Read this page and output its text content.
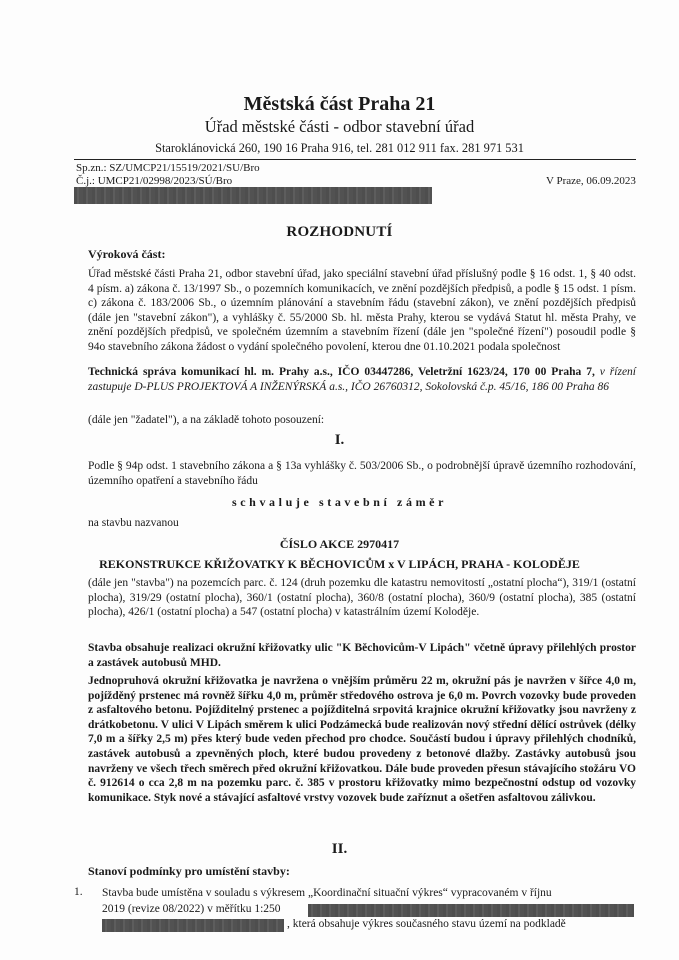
Městská část Praha 21
Úřad městské části - odbor stavební úřad
Staroklánovická 260, 190 16 Praha 916, tel. 281 012 911 fax. 281 971 531
Sp.zn.: SZ/UMCP21/15519/2021/SU/Bro
Č.j.: UMCP21/02998/2023/SÚ/Bro	V Praze, 06.09.2023
ROZHODNUTÍ
Výroková část:
Úřad městské části Praha 21, odbor stavební úřad, jako speciální stavební úřad příslušný podle § 16 odst. 1, § 40 odst. 4 písm. a) zákona č. 13/1997 Sb., o pozemních komunikacích, ve znění pozdějších předpisů, a podle § 15 odst. 1 písm. c) zákona č. 183/2006 Sb., o územním plánování a stavebním řádu (stavební zákon), ve znění pozdějších předpisů (dále jen "stavební zákon"), a vyhlášky č. 55/2000 Sb. hl. města Prahy, kterou se vydává Statut hl. města Prahy, ve znění pozdějších předpisů, ve společném územním a stavebním řízení (dále jen "společné řízení") posoudil podle § 94o stavebního zákona žádost o vydání společného povolení, kterou dne 01.10.2021 podala společnost
Technická správa komunikací hl. m. Prahy a.s., IČO 03447286, Veletržní 1623/24, 170 00 Praha 7, v řízení zastupuje D-PLUS PROJEKTOVÁ A INŽENÝRSKÁ a.s., IČO 26760312, Sokolovská č.p. 45/16, 186 00 Praha 86
(dále jen "žadatel"), a na základě tohoto posouzení:
I.
Podle § 94p odst. 1 stavebního zákona a § 13a vyhlášky č. 503/2006 Sb., o podrobnější úpravě územního rozhodování, územního opatření a stavebního řádu
schvaluje stavební záměr
na stavbu nazvanou
ČÍSLO AKCE 2970417
REKONSTRUKCE KŘIŽOVATKY K BĚCHOVICŮM x V LIPÁCH, PRAHA - KOLODĚJE
(dále jen "stavba") na pozemcích parc. č. 124 (druh pozemku dle katastru nemovitostí „ostatní plocha“), 319/1 (ostatní plocha), 319/29 (ostatní plocha), 360/1 (ostatní plocha), 360/8 (ostatní plocha), 360/9 (ostatní plocha), 385 (ostatní plocha), 426/1 (ostatní plocha) a 547 (ostatní plocha) v katastrálním území Koloděje.
Stavba obsahuje realizaci okružní křižovatky ulic "K Běchovicům-V Lipách" včetně úpravy přilehlých prostor a zastávek autobusů MHD.
Jednopruhová okružní křižovatka je navržena o vnějším průměru 22 m, okružní pás je navržen v šířce 4,0 m, pojížděný prstenec má rovněž šířku 4,0 m, průměr středového ostrova je 6,0 m. Povrch vozovky bude proveden z asfaltového betonu. Pojížditelný prstenec a pojížditelná srpovitá krajnice okružní křižovatky jsou navrženy z drátkobetonu. V ulici V Lipách směrem k ulici Podzámecká bude realizován nový střední dělící ostrůvek (délky 7,0 m a šířky 2,5 m) přes který bude veden přechod pro chodce. Součástí budou i úpravy přilehlých chodníků, zastávek autobusů a zpevněných ploch, které budou provedeny z betonové dlažby. Zastávky autobusů jsou navrženy ve všech třech směrech před okružní křižovatkou. Dále bude proveden přesun stávajícího stožáru VO č. 912614 o cca 2,8 m na pozemku parc. č. 385 v prostoru křižovatky mimo bezpečnostní odstup od vozovky komunikace. Styk nové a stávající asfaltové vrstvy vozovek bude zaříznut a ošetřen asfaltovou zálivkou.
II.
Stanoví podmínky pro umístění stavby:
1. Stavba bude umístěna v souladu s výkresem „Koordinační situační výkres“ vypracovaném v říjnu
2019 (revize 08/2022) v měřítku 1:250
, která obsahuje výkres současného stavu území na podkladě
